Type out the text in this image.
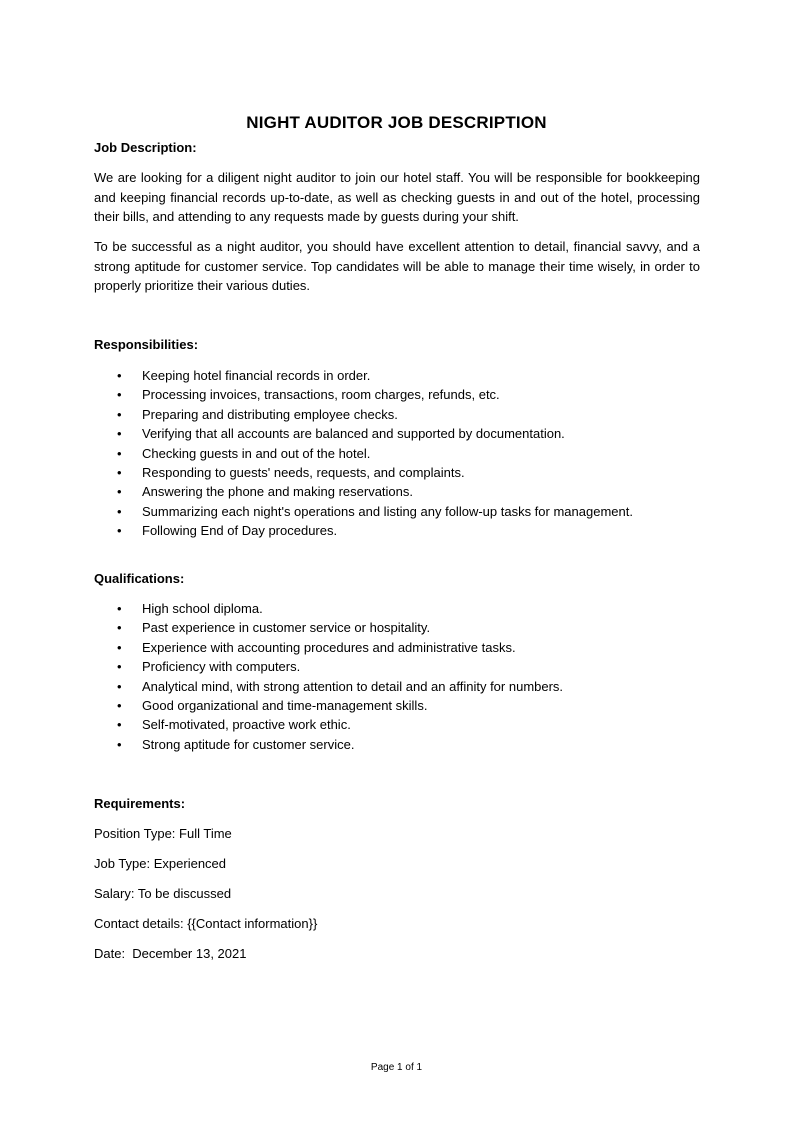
NIGHT AUDITOR JOB DESCRIPTION
Job Description:
We are looking for a diligent night auditor to join our hotel staff. You will be responsible for bookkeeping and keeping financial records up-to-date, as well as checking guests in and out of the hotel, processing their bills, and attending to any requests made by guests during your shift.
To be successful as a night auditor, you should have excellent attention to detail, financial savvy, and a strong aptitude for customer service. Top candidates will be able to manage their time wisely, in order to properly prioritize their various duties.
Responsibilities:
• Keeping hotel financial records in order.
• Processing invoices, transactions, room charges, refunds, etc.
• Preparing and distributing employee checks.
• Verifying that all accounts are balanced and supported by documentation.
• Checking guests in and out of the hotel.
• Responding to guests' needs, requests, and complaints.
• Answering the phone and making reservations.
• Summarizing each night's operations and listing any follow-up tasks for management.
• Following End of Day procedures.
Qualifications:
• High school diploma.
• Past experience in customer service or hospitality.
• Experience with accounting procedures and administrative tasks.
• Proficiency with computers.
• Analytical mind, with strong attention to detail and an affinity for numbers.
• Good organizational and time-management skills.
• Self-motivated, proactive work ethic.
• Strong aptitude for customer service.
Requirements:
Position Type: Full Time
Job Type: Experienced
Salary: To be discussed
Contact details: {{Contact information}}
Date:  December 13, 2021
Page 1 of 1
